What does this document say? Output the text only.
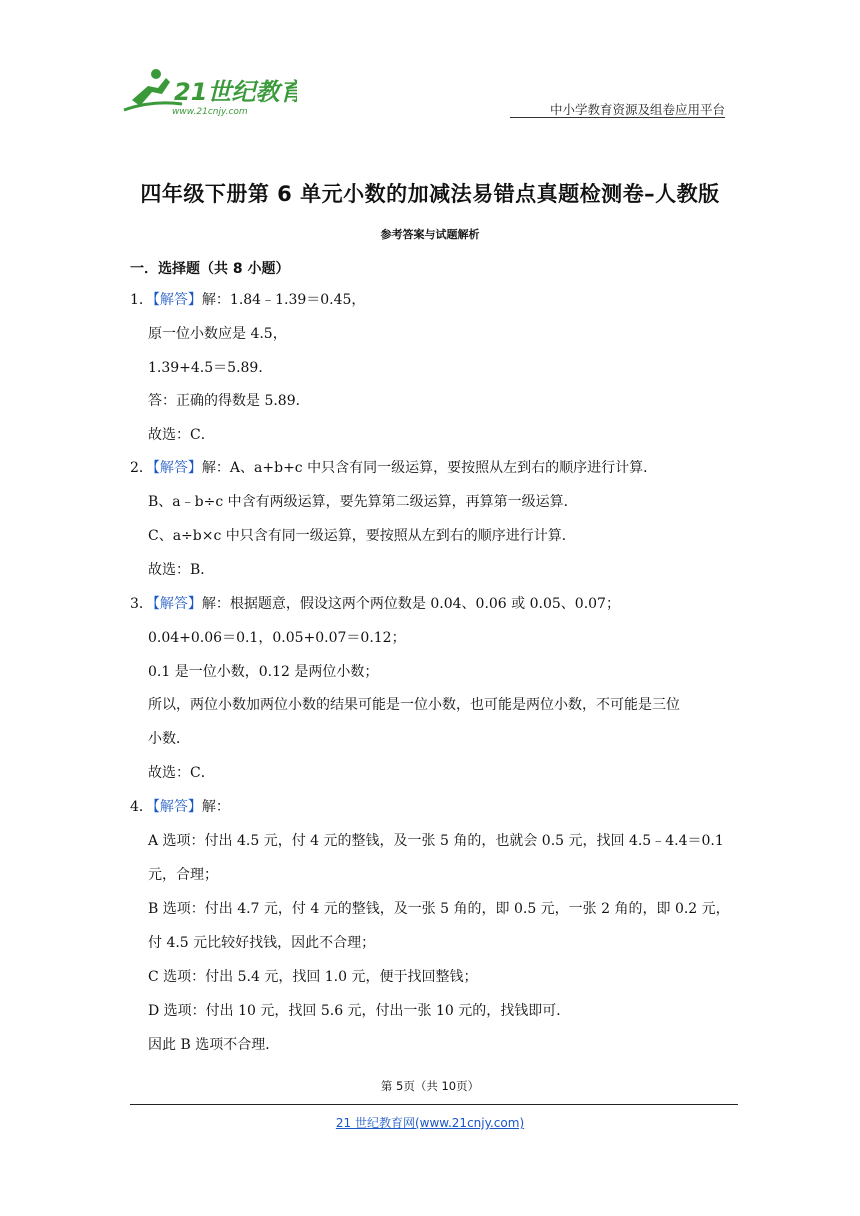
21世纪教育
www.21cnjy.com	中小学教育资源及组卷应用平台
四年级下册第 6 单元小数的加减法易错点真题检测卷–人教版
参考答案与试题解析
一．选择题（共 8 小题）
1．【解答】解：1.84﹣1.39＝0.45，
原一位小数应是 4.5，
1.39+4.5＝5.89．
答：正确的得数是 5.89．
故选：C．
2．【解答】解：A、a+b+c 中只含有同一级运算，要按照从左到右的顺序进行计算．
B、a﹣b÷c 中含有两级运算，要先算第二级运算，再算第一级运算．
C、a÷b×c 中只含有同一级运算，要按照从左到右的顺序进行计算．
故选：B．
3．【解答】解：根据题意，假设这两个两位数是 0.04、0.06 或 0.05、0.07；
0.04+0.06＝0.1，0.05+0.07＝0.12；
0.1 是一位小数，0.12 是两位小数；
所以，两位小数加两位小数的结果可能是一位小数，也可能是两位小数，不可能是三位
小数．
故选：C．
4．【解答】解：
A 选项：付出 4.5 元，付 4 元的整钱，及一张 5 角的，也就会 0.5 元，找回 4.5﹣4.4＝0.1
元，合理；
B 选项：付出 4.7 元，付 4 元的整钱，及一张 5 角的，即 0.5 元，一张 2 角的，即 0.2 元，
付 4.5 元比较好找钱，因此不合理；
C 选项：付出 5.4 元，找回 1.0 元，便于找回整钱；
D 选项：付出 10 元，找回 5.6 元，付出一张 10 元的，找钱即可．
因此 B 选项不合理．
第 5页（共 10页）
21 世纪教育网(www.21cnjy.com)
